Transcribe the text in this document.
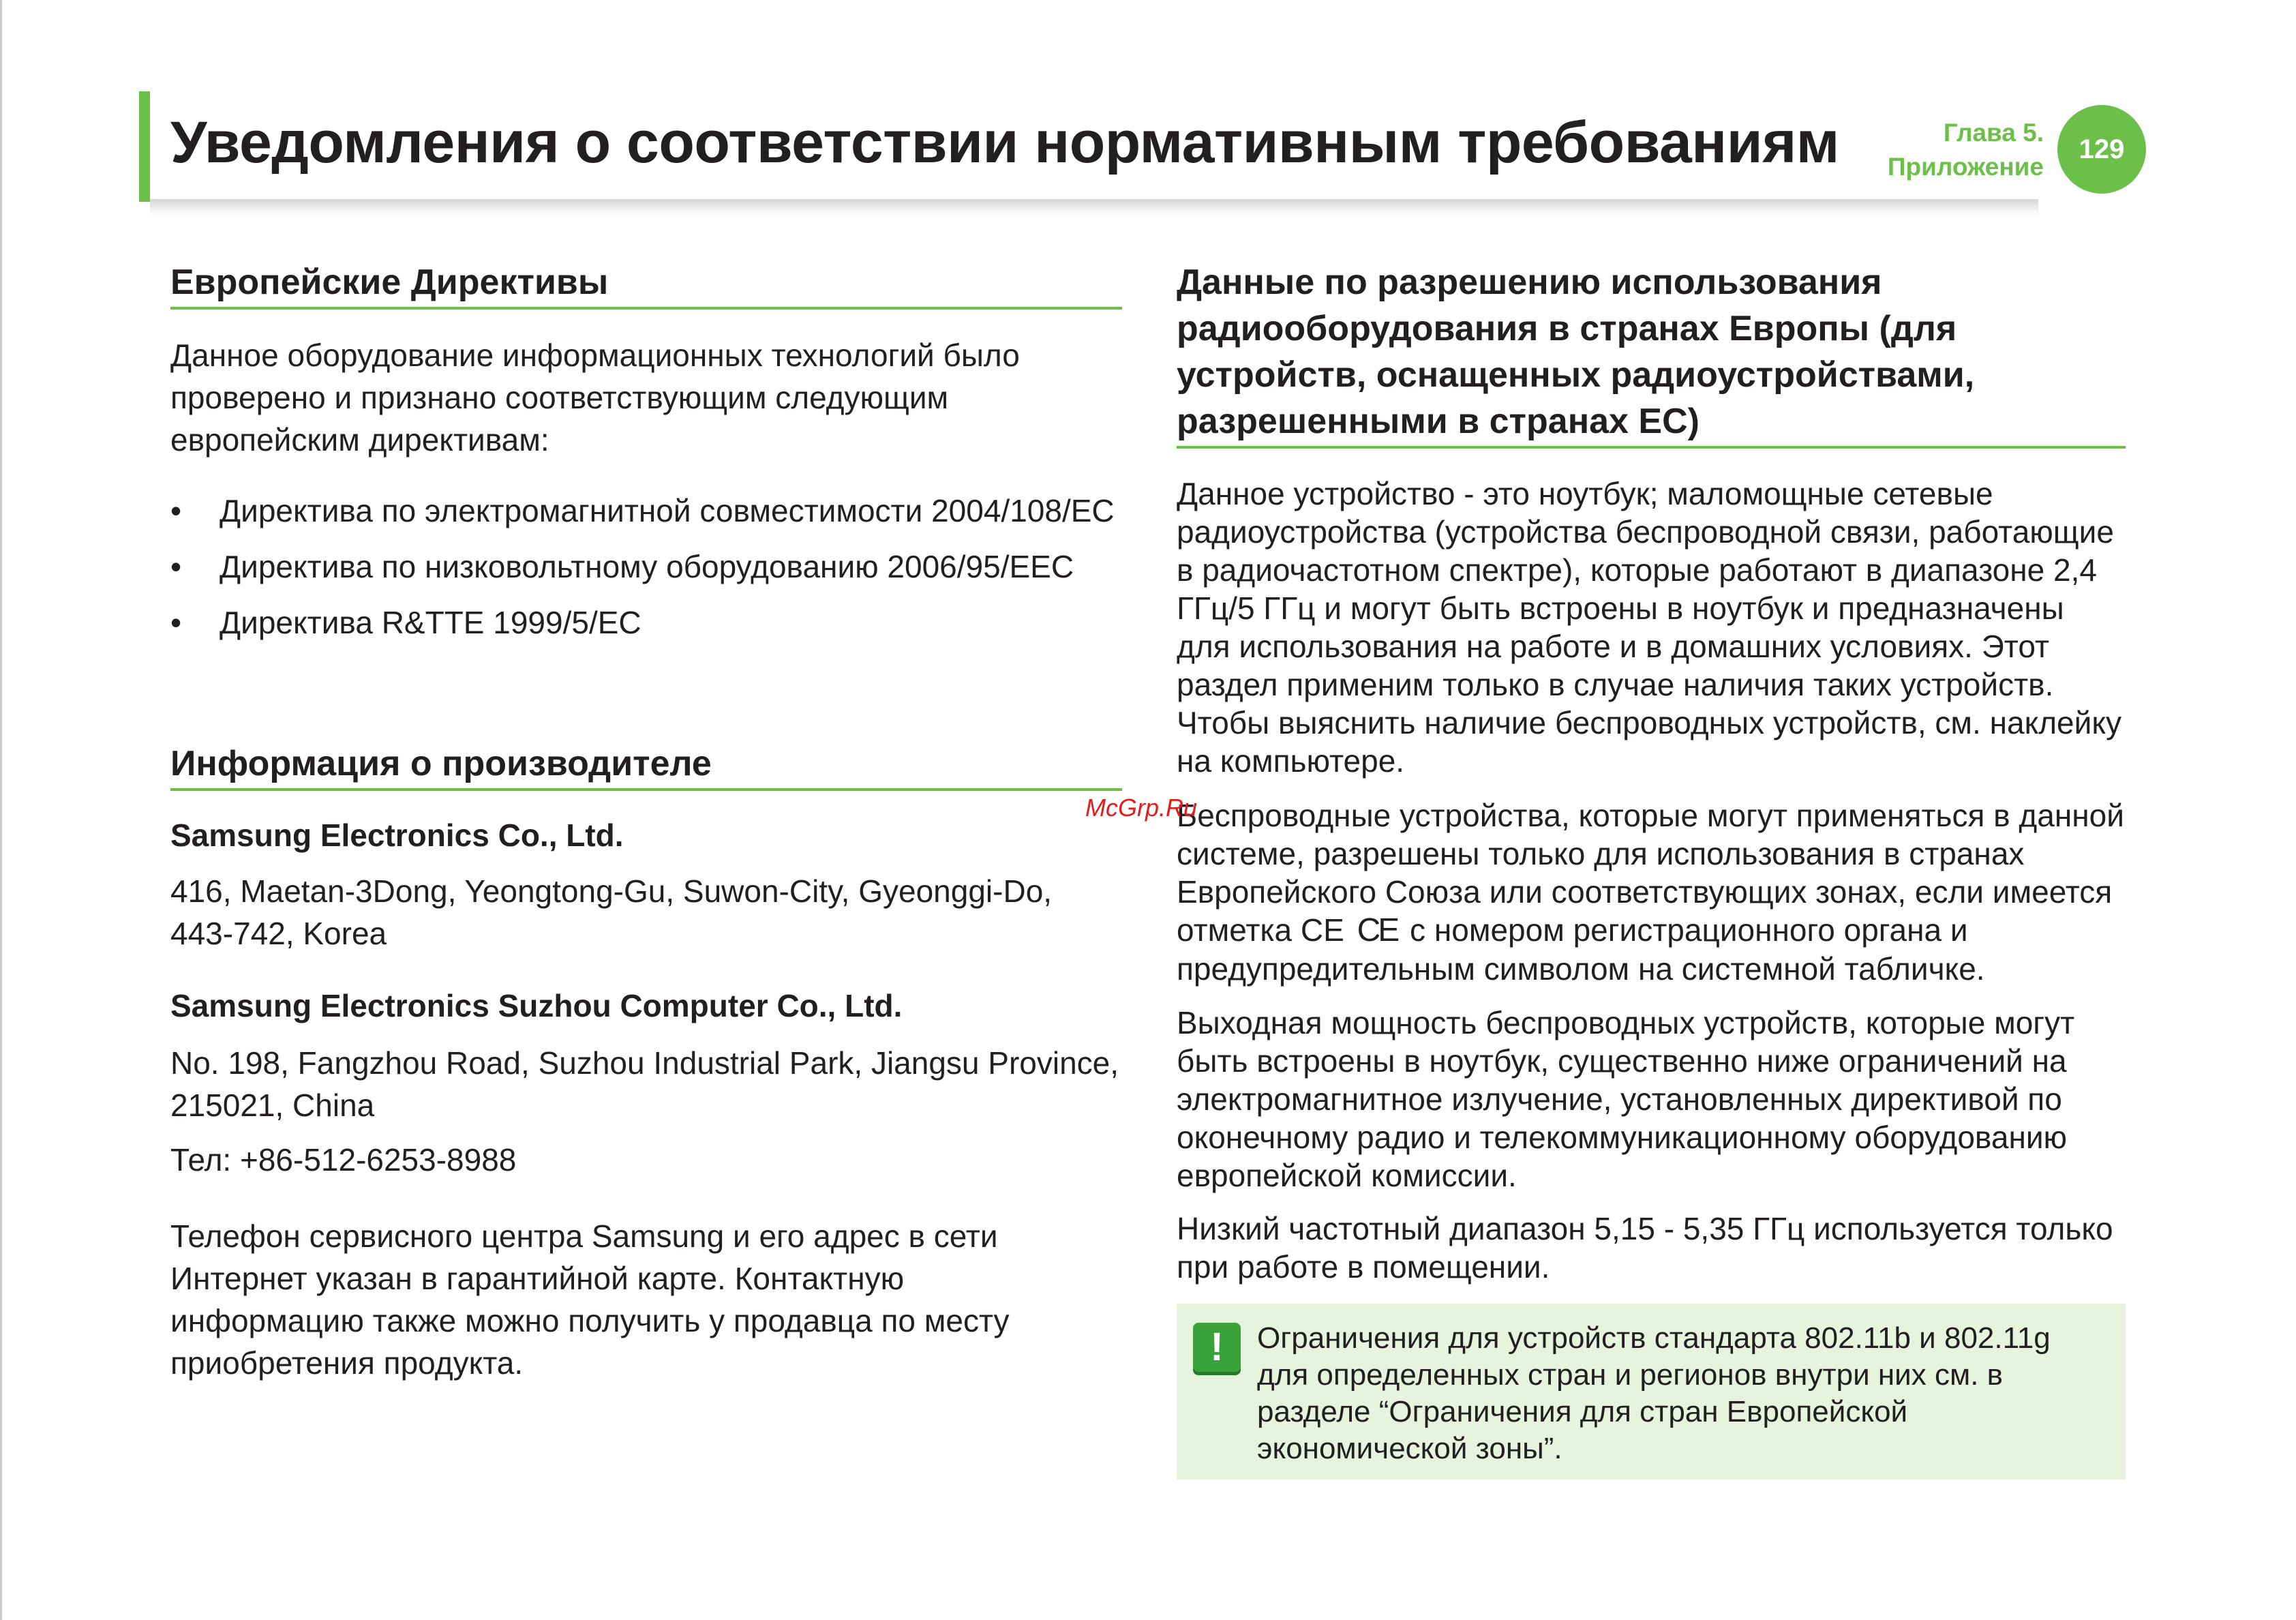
Уведомления о соответствии нормативным требованиям	Глава 5.
Приложение
129
Европейские Директивы
Данное оборудование информационных технологий было проверено и признано соответствующим следующим европейским директивам:
• Директива по электромагнитной совместимости 2004/108/EC
• Директива по низковольтному оборудованию 2006/95/EEC
• Директива R&TTE 1999/5/EC
Информация о производителе
Samsung Electronics Co., Ltd.
416, Maetan-3Dong, Yeongtong-Gu, Suwon-City, Gyeonggi-Do, 443-742, Korea
Samsung Electronics Suzhou Computer Co., Ltd.
No. 198, Fangzhou Road, Suzhou Industrial Park, Jiangsu Province, 215021, China
Тел: +86-512-6253-8988
Телефон сервисного центра Samsung и его адрес в сети Интернет указан в гарантийной карте. Контактную информацию также можно получить у продавца по месту приобретения продукта.
Данные по разрешению использования радиооборудования в странах Европы (для устройств, оснащенных радиоустройствами, разрешенными в странах EC)
Данное устройство - это ноутбук; маломощные сетевые радиоустройства (устройства беспроводной связи, работающие в радиочастотном спектре), которые работают в диапазоне 2,4 ГГц/5 ГГц и могут быть встроены в ноутбук и предназначены для использования на работе и в домашних условиях. Этот раздел применим только в случае наличия таких устройств. Чтобы выяснить наличие беспроводных устройств, см. наклейку на компьютере.
Беспроводные устройства, которые могут применяться в данной системе, разрешены только для использования в странах Европейского Союза или соответствующих зонах, если имеется отметка CE CE с номером регистрационного органа и предупредительным символом на системной табличке.
Выходная мощность беспроводных устройств, которые могут быть встроены в ноутбук, существенно ниже ограничений на электромагнитное излучение, установленных директивой по оконечному радио и телекоммуникационному оборудованию европейской комиссии.
Низкий частотный диапазон 5,15 - 5,35 ГГц используется только при работе в помещении.
!	Ограничения для устройств стандарта 802.11b и 802.11g для определенных стран и регионов внутри них см. в разделе “Ограничения для стран Европейской экономической зоны”.
McGrp.Ru
